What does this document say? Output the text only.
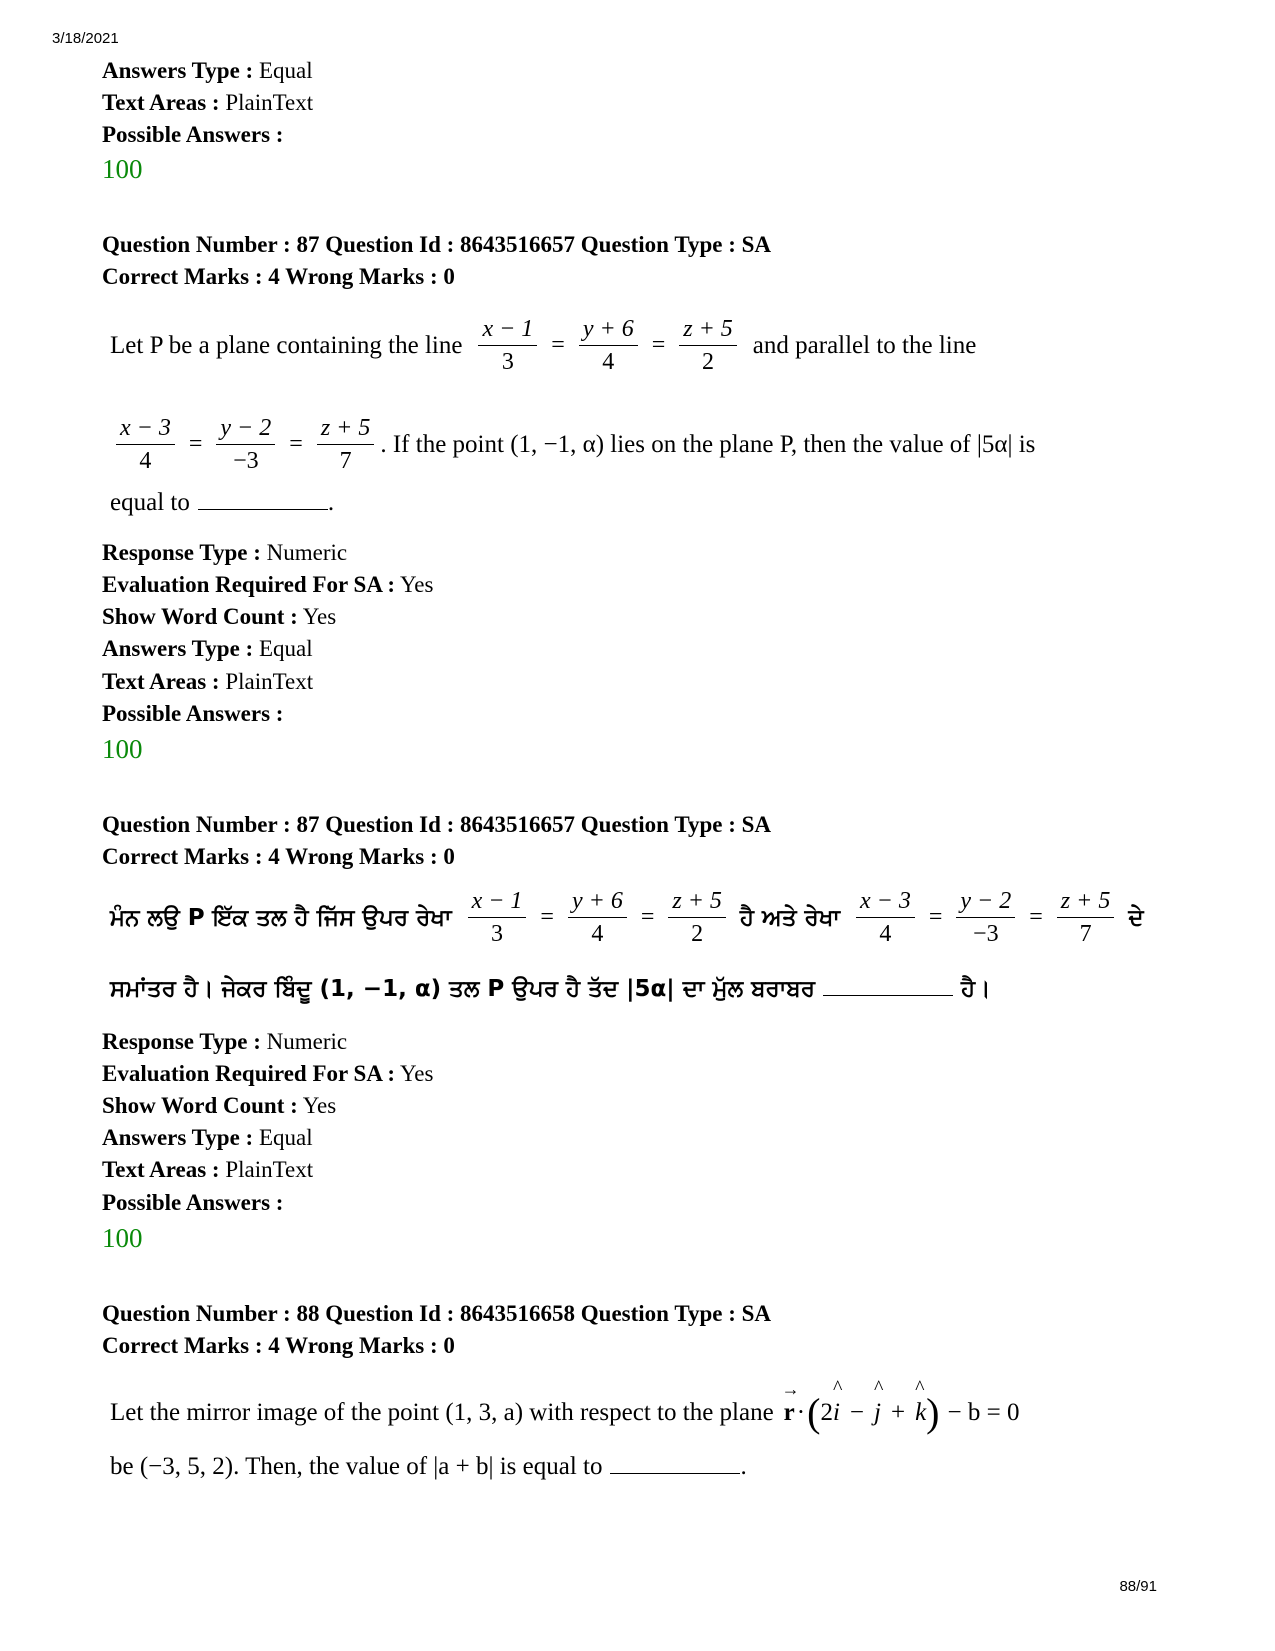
3/18/2021
Answers Type : Equal
Text Areas : PlainText
Possible Answers :
100
Question Number : 87 Question Id : 8643516657 Question Type : SA
Correct Marks : 4 Wrong Marks : 0
Let P be a plane containing the line $\frac{x - 1}{3} = \frac{y + 6}{4} = \frac{z + 5}{2}$ and parallel to the line
$\frac{x - 3}{4} = \frac{y - 2}{-3} = \frac{z + 5}{7}$ . If the point (1, −1, α) lies on the plane P, then the value of |5α| is
equal to	.
Response Type : Numeric
Evaluation Required For SA : Yes
Show Word Count : Yes
Answers Type : Equal
Text Areas : PlainText
Possible Answers :
100
Question Number : 87 Question Id : 8643516657 Question Type : SA
Correct Marks : 4 Wrong Marks : 0
ਮੰਨ ਲਉ P ਇੱਕ ਤਲ ਹੈ ਜਿੱਸ ਉਪਰ ਰੇਖਾ $\frac{x - 1}{3} = \frac{y + 6}{4} = \frac{z + 5}{2}$ ਹੈ ਅਤੇ ਰੇਖਾ $\frac{x - 3}{4} = \frac{y - 2}{-3} = \frac{z + 5}{7}$ ਦੇ
ਸਮਾਂਤਰ ਹੈ। ਜੇਕਰ ਬਿੰਦੂ (1, −1, α) ਤਲ P ਉਪਰ ਹੈ ਤੱਦ |5α| ਦਾ ਮੁੱਲ ਬਰਾਬਰ	ਹੈ।
Response Type : Numeric
Evaluation Required For SA : Yes
Show Word Count : Yes
Answers Type : Equal
Text Areas : PlainText
Possible Answers :
100
Question Number : 88 Question Id : 8643516658 Question Type : SA
Correct Marks : 4 Wrong Marks : 0
Let the mirror image of the point (1, 3, a) with respect to the plane
→
r · ( 2
^
i −
^
j +
^
k ) − b = 0
be (−3, 5, 2). Then, the value of |a + b| is equal to	.
88/91
